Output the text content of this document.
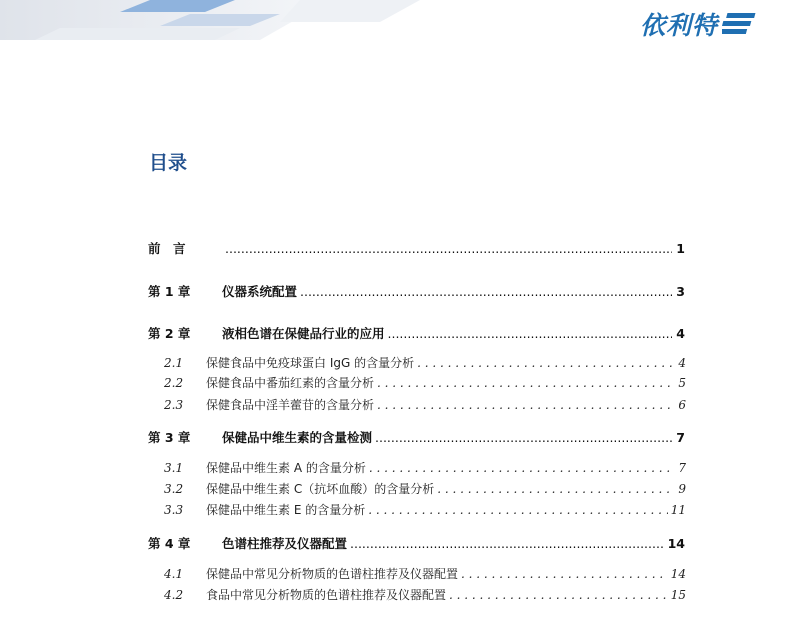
依利特
目录
前　言 .....	1
第 1 章	仪器系统配置 .....	3
第 2 章	液相色谱在保健品行业的应用 .....	4
2.1	保健食品中免疫球蛋白 IgG 的含量分析 . . .	4
2.2	保健食品中番茄红素的含量分析 . . .	5
2.3	保健食品中淫羊藿苷的含量分析 . . .	6
第 3 章	保健品中维生素的含量检测 .....	7
3.1	保健品中维生素 A 的含量分析 . . .	7
3.2	保健品中维生素 C（抗坏血酸）的含量分析 . . .	9
3.3	保健品中维生素 E 的含量分析 . . .	11
第 4 章	色谱柱推荐及仪器配置 .....	14
4.1	保健品中常见分析物质的色谱柱推荐及仪器配置 . . .	14
4.2	食品中常见分析物质的色谱柱推荐及仪器配置 . . .	15
